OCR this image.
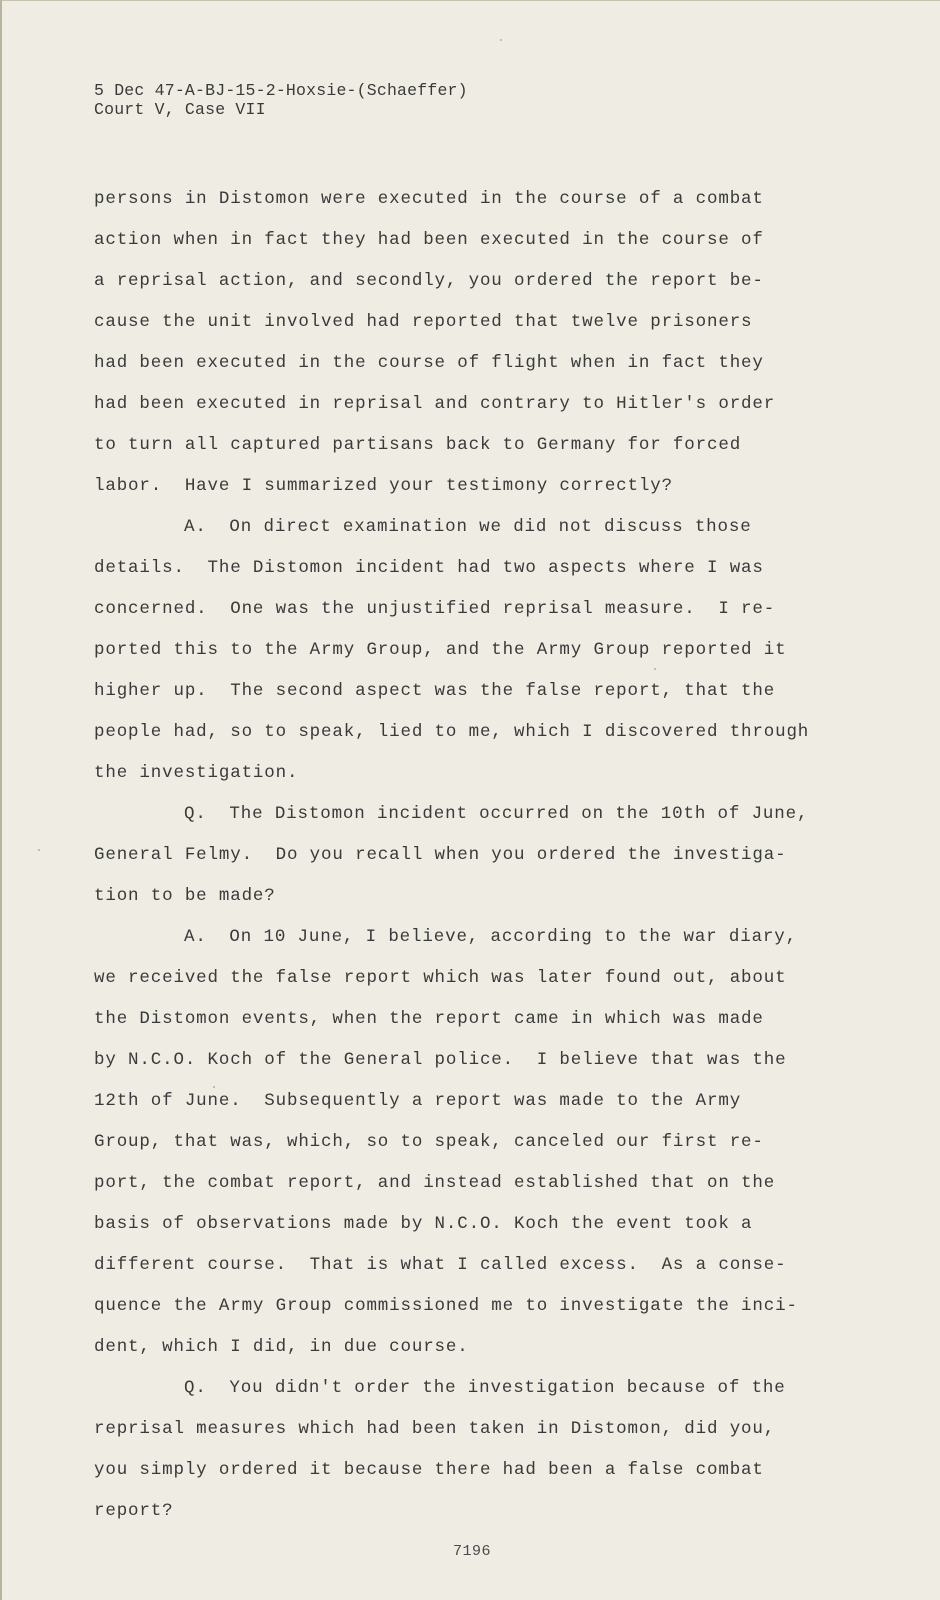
5 Dec 47-A-BJ-15-2-Hoxsie-(Schaeffer)
Court V, Case VII
persons in Distomon were executed in the course of a combat
action when in fact they had been executed in the course of
a reprisal action, and secondly, you ordered the report be-
cause the unit involved had reported that twelve prisoners
had been executed in the course of flight when in fact they
had been executed in reprisal and contrary to Hitler's order
to turn all captured partisans back to Germany for forced
labor.  Have I summarized your testimony correctly?
A.  On direct examination we did not discuss those
details.  The Distomon incident had two aspects where I was
concerned.  One was the unjustified reprisal measure.  I re-
ported this to the Army Group, and the Army Group reported it
higher up.  The second aspect was the false report, that the
people had, so to speak, lied to me, which I discovered through
the investigation.
Q.  The Distomon incident occurred on the 10th of June,
General Felmy.  Do you recall when you ordered the investiga-
tion to be made?
A.  On 10 June, I believe, according to the war diary,
we received the false report which was later found out, about
the Distomon events, when the report came in which was made
by N.C.O. Koch of the General police.  I believe that was the
12th of June.  Subsequently a report was made to the Army
Group, that was, which, so to speak, canceled our first re-
port, the combat report, and instead established that on the
basis of observations made by N.C.O. Koch the event took a
different course.  That is what I called excess.  As a conse-
quence the Army Group commissioned me to investigate the inci-
dent, which I did, in due course.
Q.  You didn't order the investigation because of the
reprisal measures which had been taken in Distomon, did you,
you simply ordered it because there had been a false combat
report?
7196
